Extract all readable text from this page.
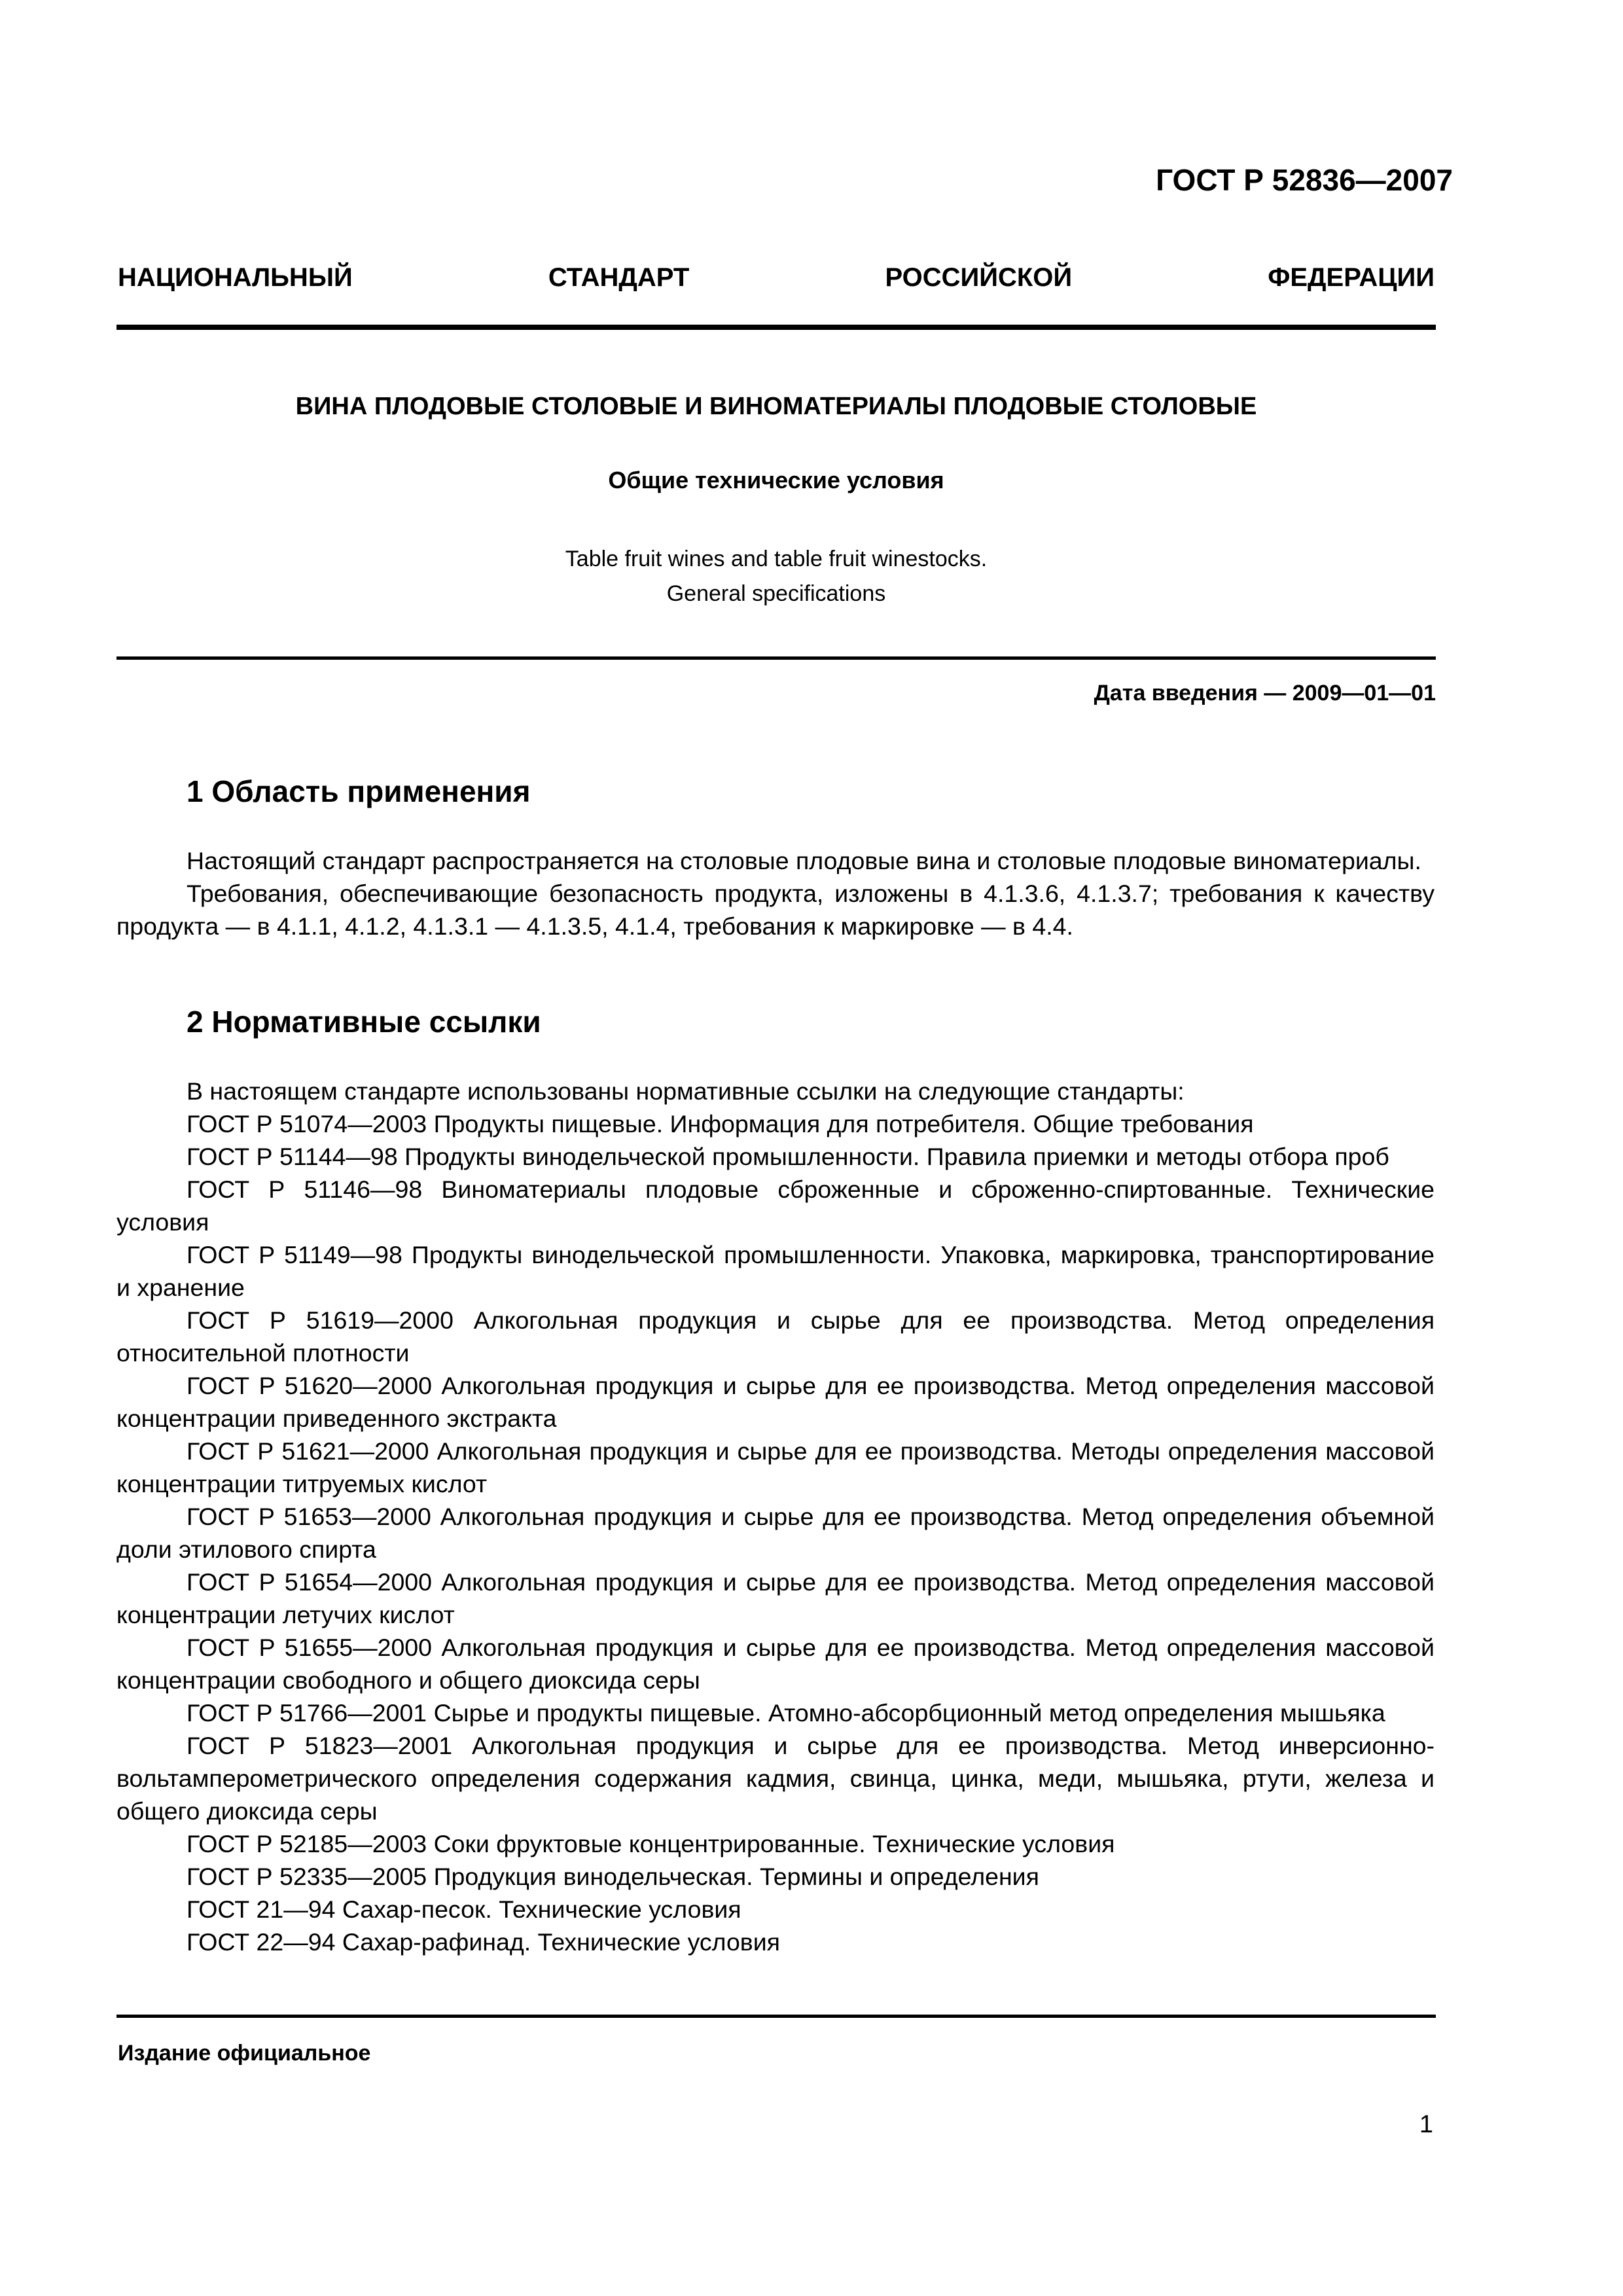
ГОСТ Р 52836—2007
НАЦИОНАЛЬНЫЙ СТАНДАРТ РОССИЙСКОЙ ФЕДЕРАЦИИ
ВИНА ПЛОДОВЫЕ СТОЛОВЫЕ И ВИНОМАТЕРИАЛЫ ПЛОДОВЫЕ СТОЛОВЫЕ
Общие технические условия
Table fruit wines and table fruit winestocks.
General specifications
Дата введения — 2009—01—01
1 Область применения

Настоящий стандарт распространяется на столовые плодовые вина и столовые плодовые виноматериалы.

Требования, обеспечивающие безопасность продукта, изложены в 4.1.3.6, 4.1.3.7; требования к качеству продукта — в 4.1.1, 4.1.2, 4.1.3.1 — 4.1.3.5, 4.1.4, требования к маркировке — в 4.4.

2 Нормативные ссылки

В настоящем стандарте использованы нормативные ссылки на следующие стандарты:

ГОСТ Р 51074—2003 Продукты пищевые. Информация для потребителя. Общие требования

ГОСТ Р 51144—98 Продукты винодельческой промышленности. Правила приемки и методы отбора проб

ГОСТ Р 51146—98 Виноматериалы плодовые сброженные и сброженно-спиртованные. Технические условия

ГОСТ Р 51149—98 Продукты винодельческой промышленности. Упаковка, маркировка, транспортирование и хранение

ГОСТ Р 51619—2000 Алкогольная продукция и сырье для ее производства. Метод определения относительной плотности

ГОСТ Р 51620—2000 Алкогольная продукция и сырье для ее производства. Метод определения массовой концентрации приведенного экстракта

ГОСТ Р 51621—2000 Алкогольная продукция и сырье для ее производства. Методы определения массовой концентрации титруемых кислот

ГОСТ Р 51653—2000 Алкогольная продукция и сырье для ее производства. Метод определения объемной доли этилового спирта

ГОСТ Р 51654—2000 Алкогольная продукция и сырье для ее производства. Метод определения массовой концентрации летучих кислот

ГОСТ Р 51655—2000 Алкогольная продукция и сырье для ее производства. Метод определения массовой концентрации свободного и общего диоксида серы

ГОСТ Р 51766—2001 Сырье и продукты пищевые. Атомно-абсорбционный метод определения мышьяка

ГОСТ Р 51823—2001 Алкогольная продукция и сырье для ее производства. Метод инверсионно-вольтамперометрического определения содержания кадмия, свинца, цинка, меди, мышьяка, ртути, железа и общего диоксида серы

ГОСТ Р 52185—2003 Соки фруктовые концентрированные. Технические условия

ГОСТ Р 52335—2005 Продукция винодельческая. Термины и определения

ГОСТ 21—94 Сахар-песок. Технические условия

ГОСТ 22—94 Сахар-рафинад. Технические условия

Издание официальное
1
